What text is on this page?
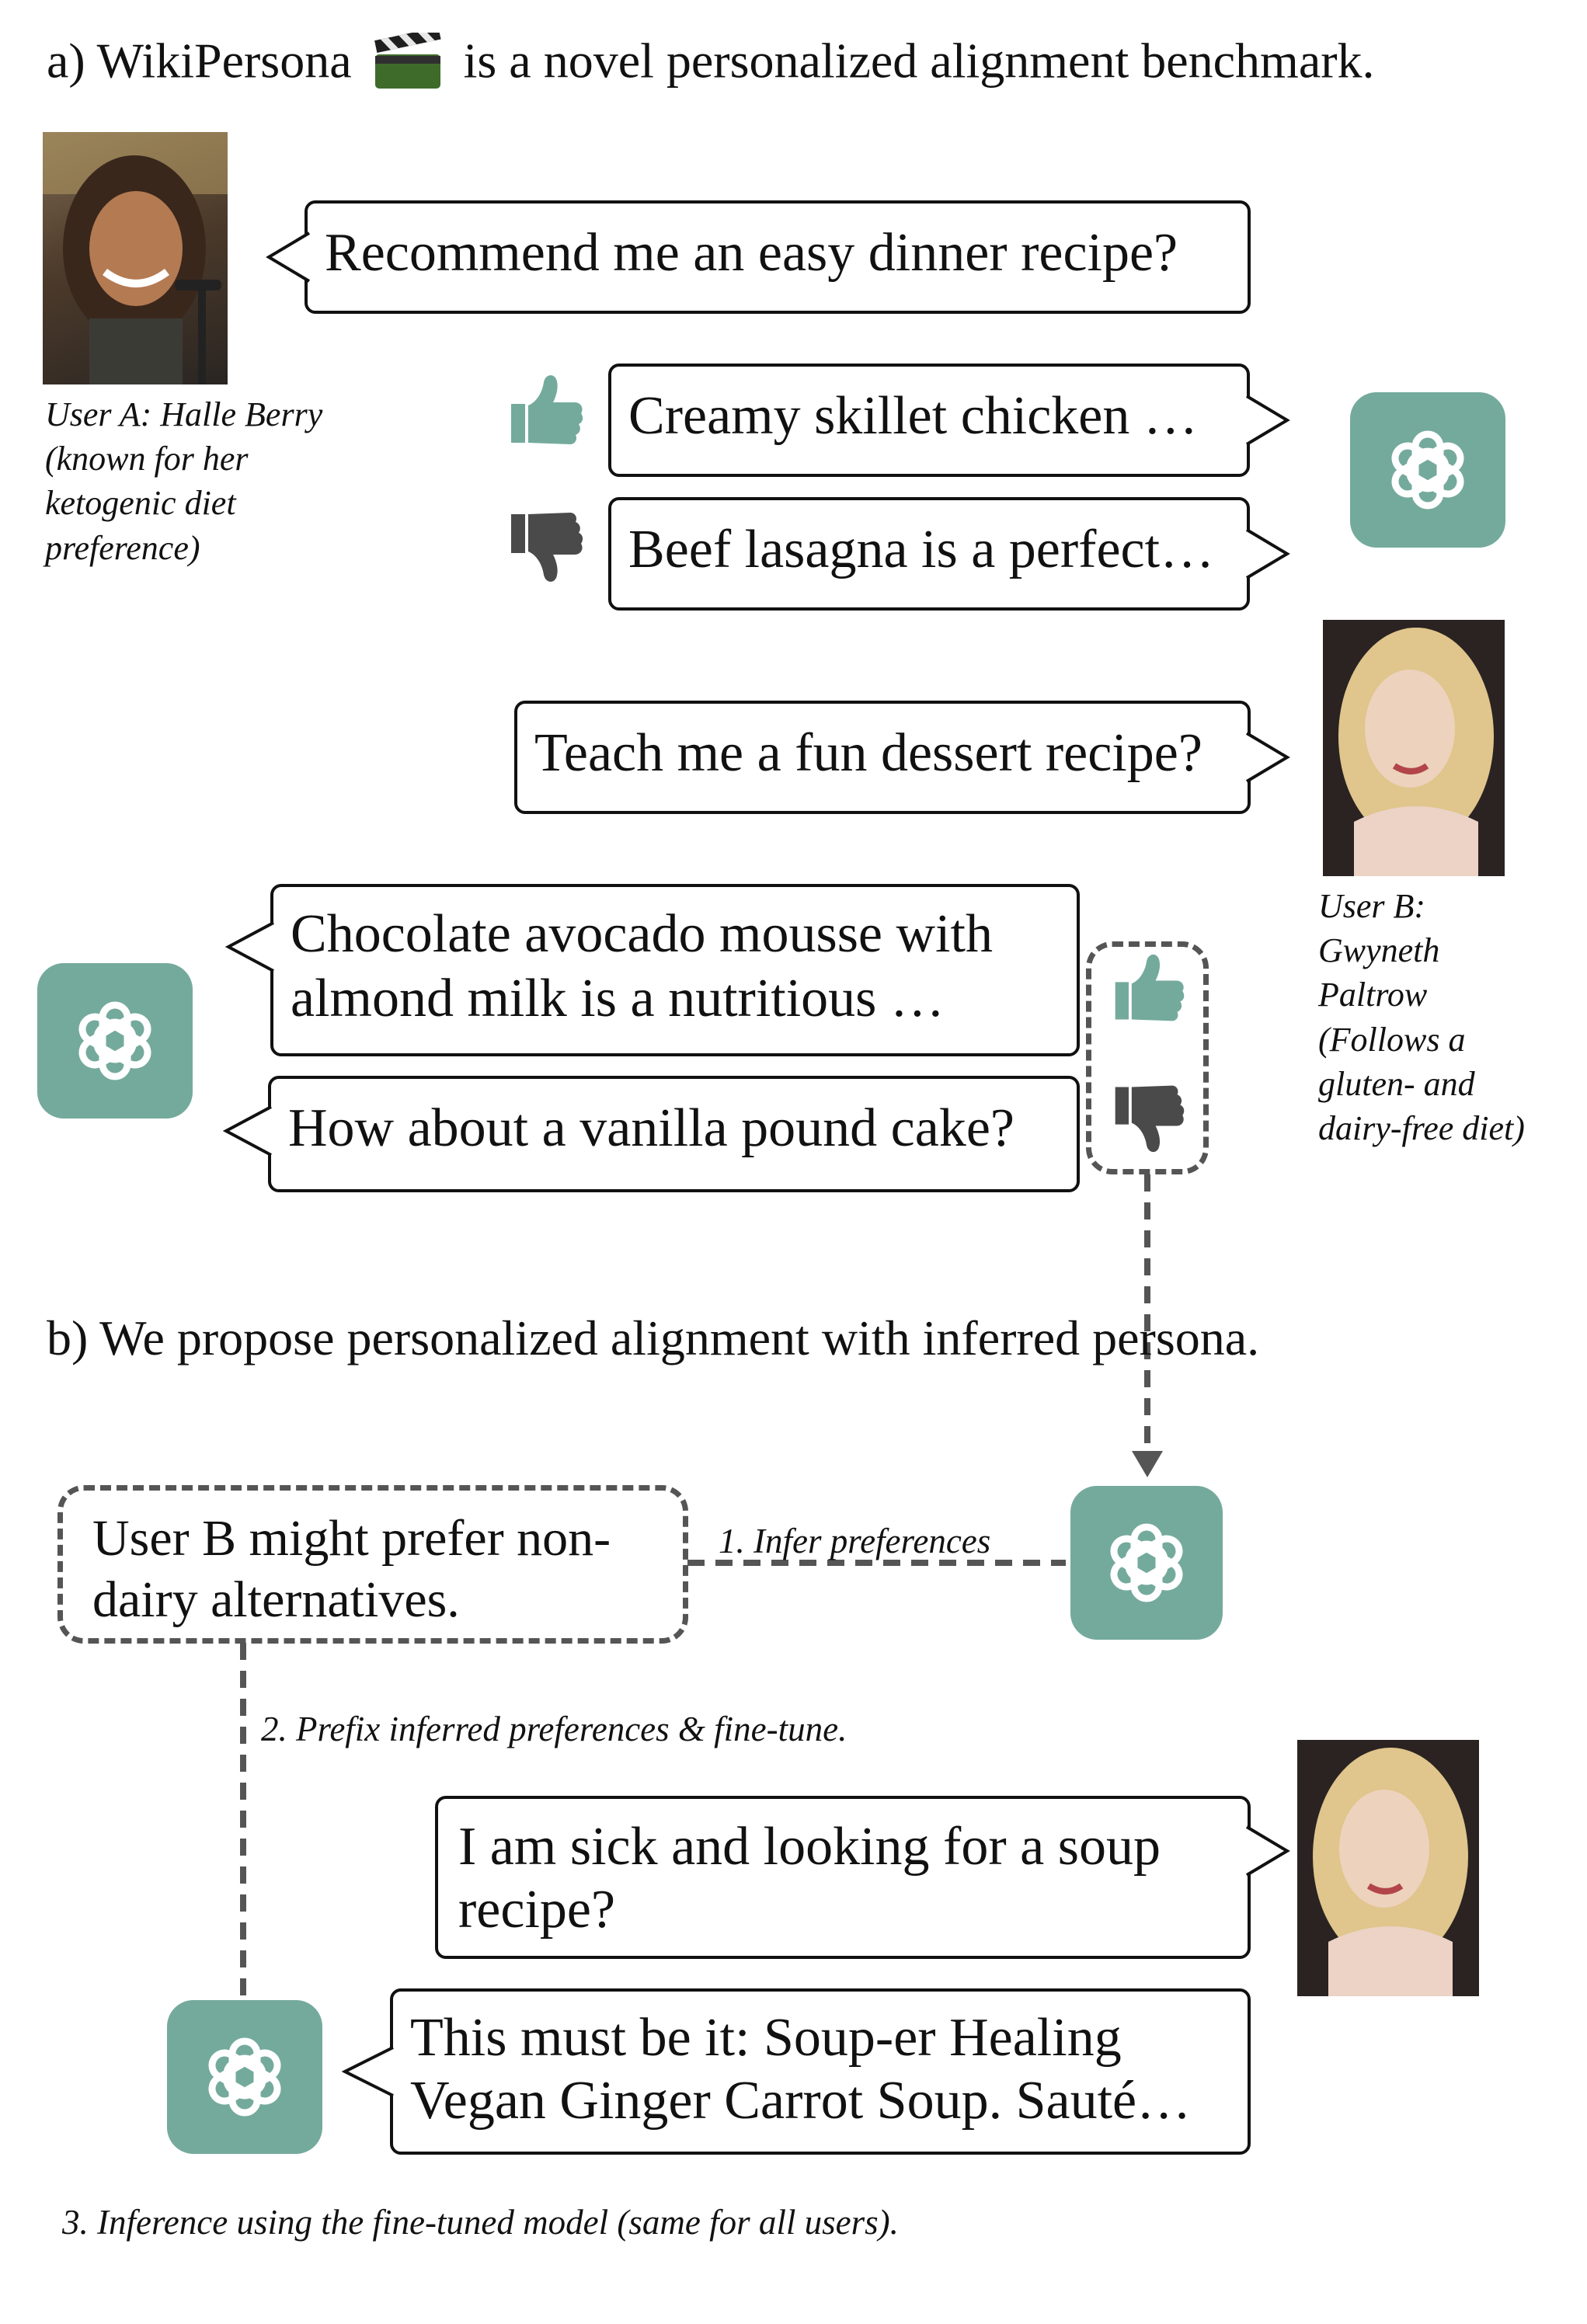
a) WikiPersona is a novel personalized alignment benchmark.
User A: Halle Berry (known for her ketogenic diet preference)
Recommend me an easy dinner recipe?
Creamy skillet chicken …
Beef lasagna is a perfect…
User B: Gwyneth Paltrow (Follows a gluten- and dairy-free diet)
Teach me a fun dessert recipe?
Chocolate avocado mousse with almond milk is a nutritious …
How about a vanilla pound cake?
b) We propose personalized alignment with inferred persona.
User B might prefer non-dairy alternatives.
1. Infer preferences
2. Prefix inferred preferences & fine-tune.
I am sick and looking for a soup recipe?
This must be it: Soup-er Healing Vegan Ginger Carrot Soup. Sauté…
3. Inference using the fine-tuned model (same for all users).
